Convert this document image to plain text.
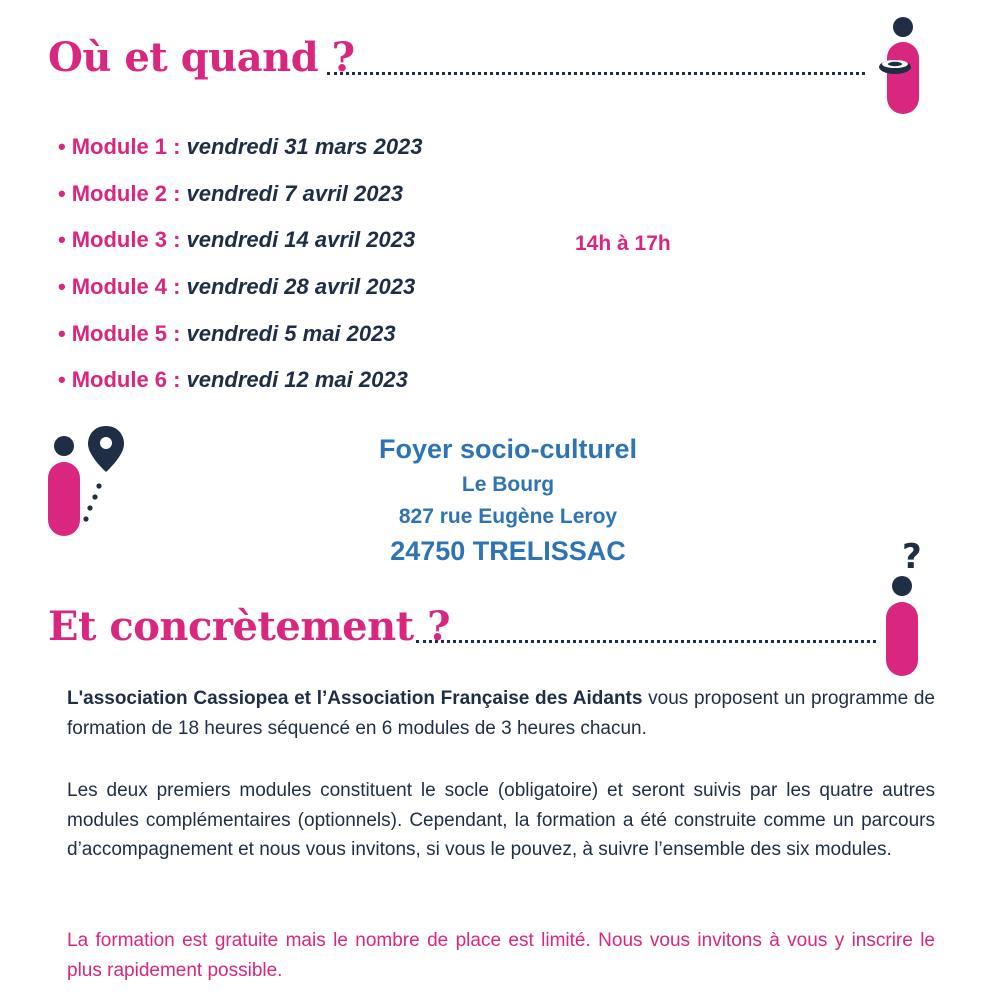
Où et quand ?
• Module 1 : vendredi 31 mars 2023
• Module 2 : vendredi 7 avril 2023
• Module 3 : vendredi 14 avril 2023
• Module 4 : vendredi 28 avril 2023
• Module 5 : vendredi 5 mai 2023
• Module 6 : vendredi 12 mai 2023
14h à 17h
Foyer socio-culturel
Le Bourg
827 rue Eugène Leroy
24750 TRELISSAC	?
Et concrètement ?

L'association Cassiopea et l’Association Française des Aidants vous proposent un programme de formation de 18 heures séquencé en 6 modules de 3 heures chacun.

Les deux premiers modules constituent le socle (obligatoire) et seront suivis par les quatre autres modules complémentaires (optionnels). Cependant, la formation a été construite comme un parcours d’accompagnement et nous vous invitons, si vous le pouvez, à suivre l’ensemble des six modules.

La formation est gratuite mais le nombre de place est limité. Nous vous invitons à vous y inscrire le plus rapidement possible.
